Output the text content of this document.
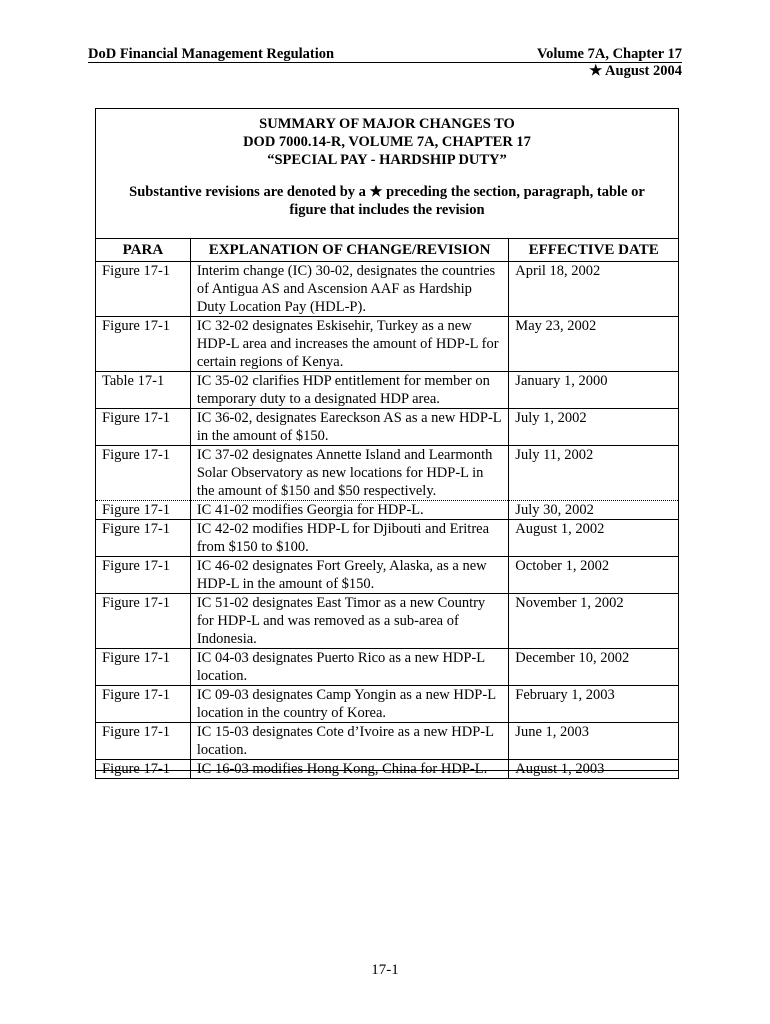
DoD Financial Management Regulation	Volume 7A, Chapter 17
★ August 2004
SUMMARY OF MAJOR CHANGES TO
DOD 7000.14-R, VOLUME 7A, CHAPTER 17
“SPECIAL PAY - HARDSHIP DUTY”
Substantive revisions are denoted by a ★ preceding the section, paragraph, table or figure that includes the revision
PARA	EXPLANATION OF CHANGE/REVISION	EFFECTIVE DATE
Figure 17-1	Interim change (IC) 30-02, designates the countries of Antigua AS and Ascension AAF as Hardship Duty Location Pay (HDL-P).	April 18, 2002
Figure 17-1	IC 32-02 designates Eskisehir, Turkey as a new HDP-L area and increases the amount of HDP-L for certain regions of Kenya.	May 23, 2002
Table 17-1	IC 35-02 clarifies HDP entitlement for member on temporary duty to a designated HDP area.	January 1, 2000
Figure 17-1	IC 36-02, designates Eareckson AS as a new HDP-L in the amount of $150.	July 1, 2002
Figure 17-1	IC 37-02 designates Annette Island and Learmonth Solar Observatory as new locations for HDP-L in the amount of $150 and $50 respectively.	July 11, 2002
Figure 17-1	IC 41-02 modifies Georgia for HDP-L.	July 30, 2002
Figure 17-1	IC 42-02 modifies HDP-L for Djibouti and Eritrea from $150 to $100.	August 1, 2002
Figure 17-1	IC 46-02 designates Fort Greely, Alaska, as a new HDP-L in the amount of $150.	October 1, 2002
Figure 17-1	IC 51-02 designates East Timor as a new Country for HDP-L and was removed as a sub-area of Indonesia.	November 1, 2002
Figure 17-1	IC 04-03 designates Puerto Rico as a new HDP-L location.	December 10, 2002
Figure 17-1	IC 09-03 designates Camp Yongin as a new HDP-L location in the country of Korea.	February 1, 2003
Figure 17-1	IC 15-03 designates Cote d’Ivoire as a new HDP-L location.	June 1, 2003
Figure 17-1	IC 16-03 modifies Hong Kong, China for HDP-L.	August 1, 2003
17-1
